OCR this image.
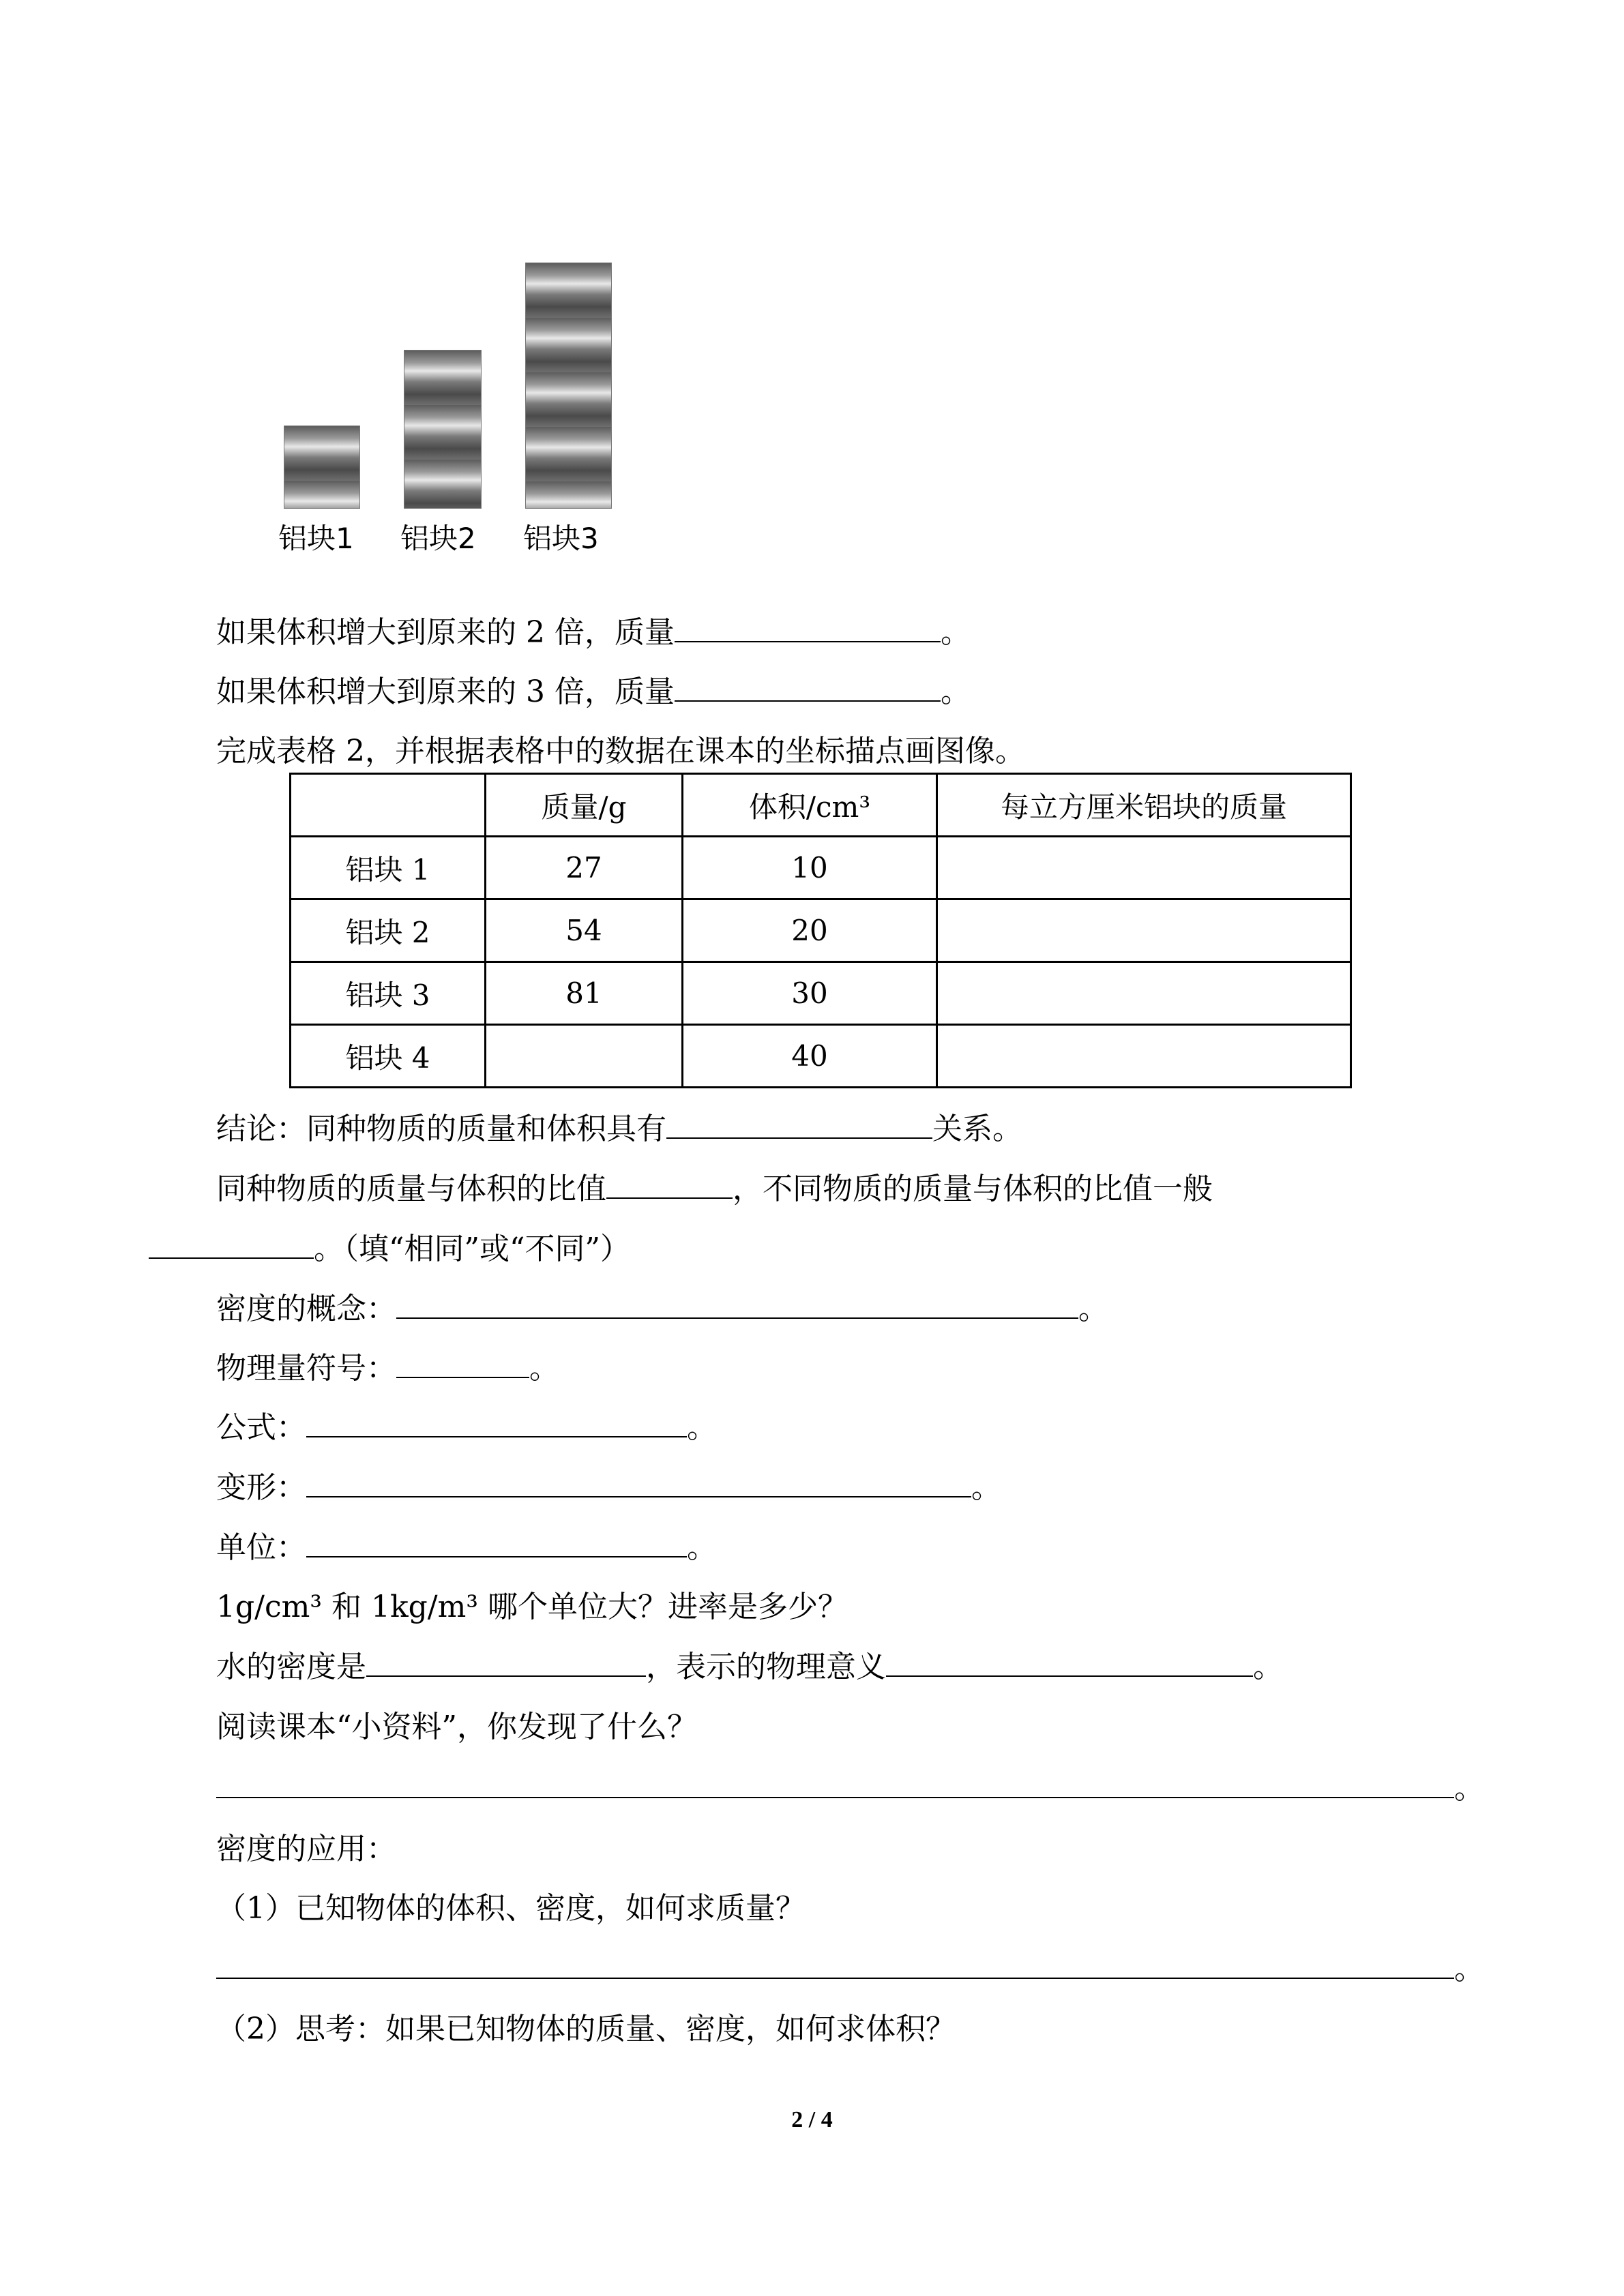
铝块1 铝块2 铝块3
如果体积增大到原来的 2 倍，质量	。
如果体积增大到原来的 3 倍，质量	。
完成表格 2，并根据表格中的数据在课本的坐标描点画图像。
	质量/g	体积/cm³	每立方厘米铝块的质量
铝块 1	27	10	
铝块 2	54	20	
铝块 3	81	30	
铝块 4		40	
结论：同种物质的质量和体积具有	关系。
同种物质的质量与体积的比值	，不同物质的质量与体积的比值一般
。（填“相同”或“不同”）
密度的概念：	。
物理量符号：	。
公式：	。
变形：	。
单位：	。
1g/cm³ 和 1kg/m³ 哪个单位大？进率是多少？
水的密度是	，表示的物理意义	。
阅读课本“小资料”，你发现了什么？
。
密度的应用：
（1）已知物体的体积、密度，如何求质量？
。
（2）思考：如果已知物体的质量、密度，如何求体积？
2 / 4
